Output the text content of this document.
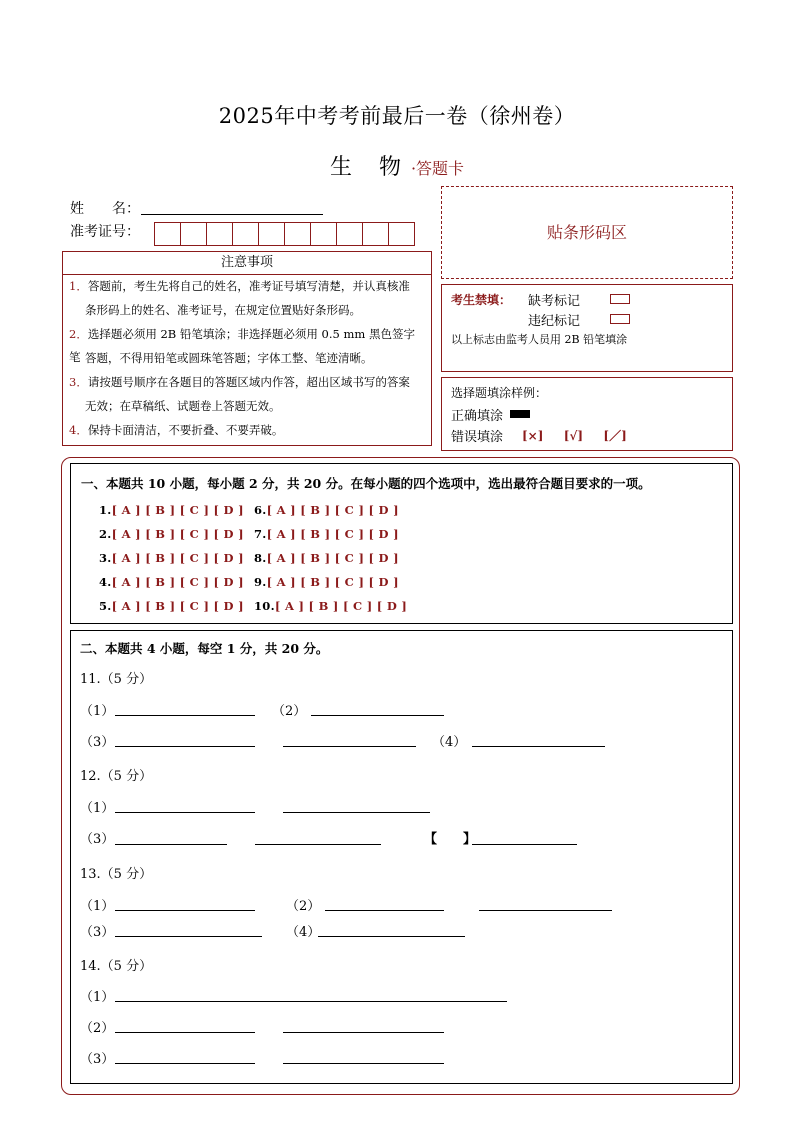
2025年中考考前最后一卷（徐州卷）
生 物·答题卡
姓　　名：
准考证号：
注意事项
1．答题前，考生先将自己的姓名，准考证号填写清楚，并认真核准
条形码上的姓名、准考证号，在规定位置贴好条形码。
2．选择题必须用 2B 铅笔填涂；非选择题必须用 0.5 mm 黑色签字笔 答题，不得用铅笔或圆珠笔答题；字体工整、笔迹清晰。
3．请按题号顺序在各题目的答题区域内作答，超出区域书写的答案
无效；在草稿纸、试题卷上答题无效。
4．保持卡面清洁，不要折叠、不要弄破。
贴条形码区
考生禁填： 缺考标记
违纪标记
以上标志由监考人员用 2B 铅笔填涂
选择题填涂样例：
正确填涂
错误填涂 [×] [√] [／]
一、本题共 10 小题，每小题 2 分，共 20 分。在每小题的四个选项中，选出最符合题目要求的一项。
1.[ A ] [ B ] [ C ] [ D ]
2.[ A ] [ B ] [ C ] [ D ]
3.[ A ] [ B ] [ C ] [ D ]
4.[ A ] [ B ] [ C ] [ D ]
5.[ A ] [ B ] [ C ] [ D ]
6.[ A ] [ B ] [ C ] [ D ]
7.[ A ] [ B ] [ C ] [ D ]
8.[ A ] [ B ] [ C ] [ D ]
9.[ A ] [ B ] [ C ] [ D ]
10.[ A ] [ B ] [ C ] [ D ]
二、本题共 4 小题，每空 1 分，共 20 分。
11.（5 分）
（1）	（2）
（3）	（4）
12.（5 分）
（1）
（3）	【　　】
13.（5 分）
（1）	（2）
（3）	（4）
14.（5 分）
（1）
（2）
（3）
